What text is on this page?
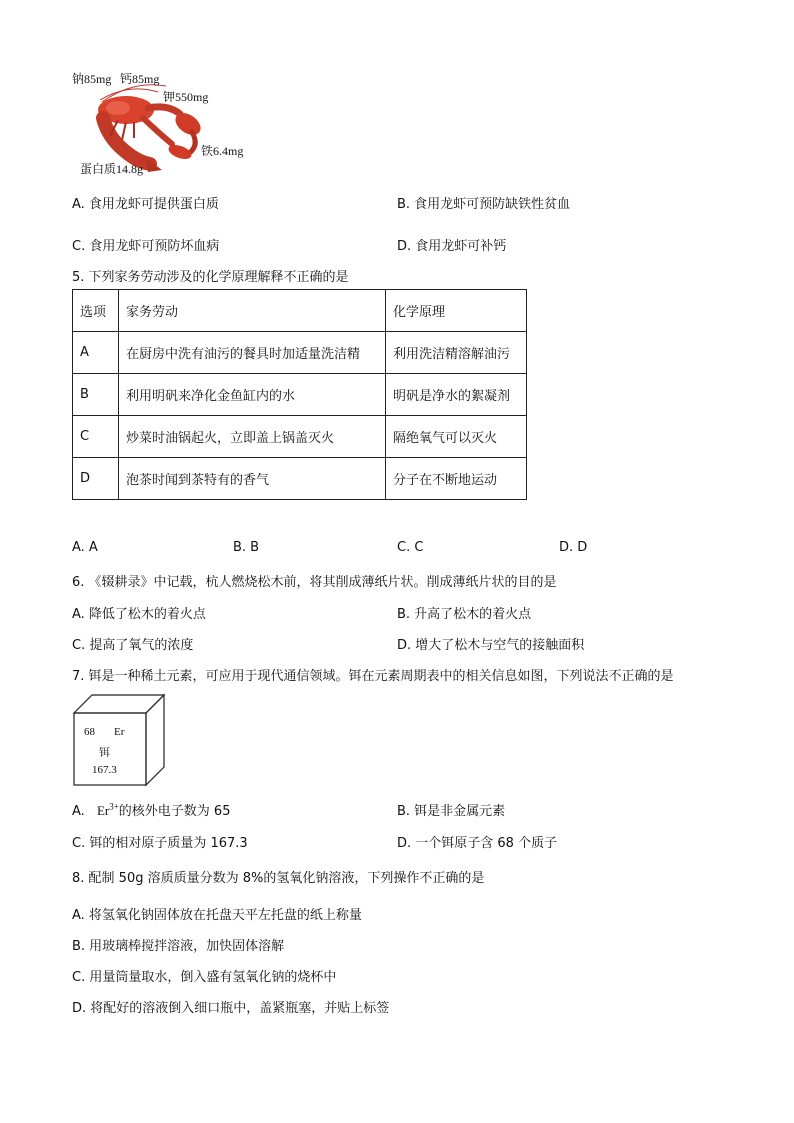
钠85mg 钙85mg
钾550mg
铁6.4mg
蛋白质14.8g
A. 食用龙虾可提供蛋白质	B. 食用龙虾可预防缺铁性贫血
C. 食用龙虾可预防坏血病	D. 食用龙虾可补钙
5. 下列家务劳动涉及的化学原理解释不正确的是
选项	家务劳动	化学原理
A	在厨房中洗有油污的餐具时加适量洗洁精	利用洗洁精溶解油污
B	利用明矾来净化金鱼缸内的水	明矾是净水的絮凝剂
C	炒菜时油锅起火，立即盖上锅盖灭火	隔绝氧气可以灭火
D	泡茶时闻到茶特有的香气	分子在不断地运动
A. A	B. B	C. C	D. D
6. 《辍耕录》中记载，杭人燃烧松木前，将其削成薄纸片状。削成薄纸片状的目的是
A. 降低了松木的着火点	B. 升高了松木的着火点
C. 提高了氧气的浓度	D. 增大了松木与空气的接触面积
7. 铒是一种稀土元素，可应用于现代通信领域。铒在元素周期表中的相关信息如图，下列说法不正确的是
68 Er
铒
167.3
A. $Er^{3+}$的核外电子数为 65	B. 铒是非金属元素
C. 铒的相对原子质量为 167.3	D. 一个铒原子含 68 个质子
8. 配制 50g 溶质质量分数为 8%的氢氧化钠溶液，下列操作不正确的是
A. 将氢氧化钠固体放在托盘天平左托盘的纸上称量
B. 用玻璃棒搅拌溶液，加快固体溶解
C. 用量筒量取水，倒入盛有氢氧化钠的烧杯中
D. 将配好的溶液倒入细口瓶中，盖紧瓶塞，并贴上标签
